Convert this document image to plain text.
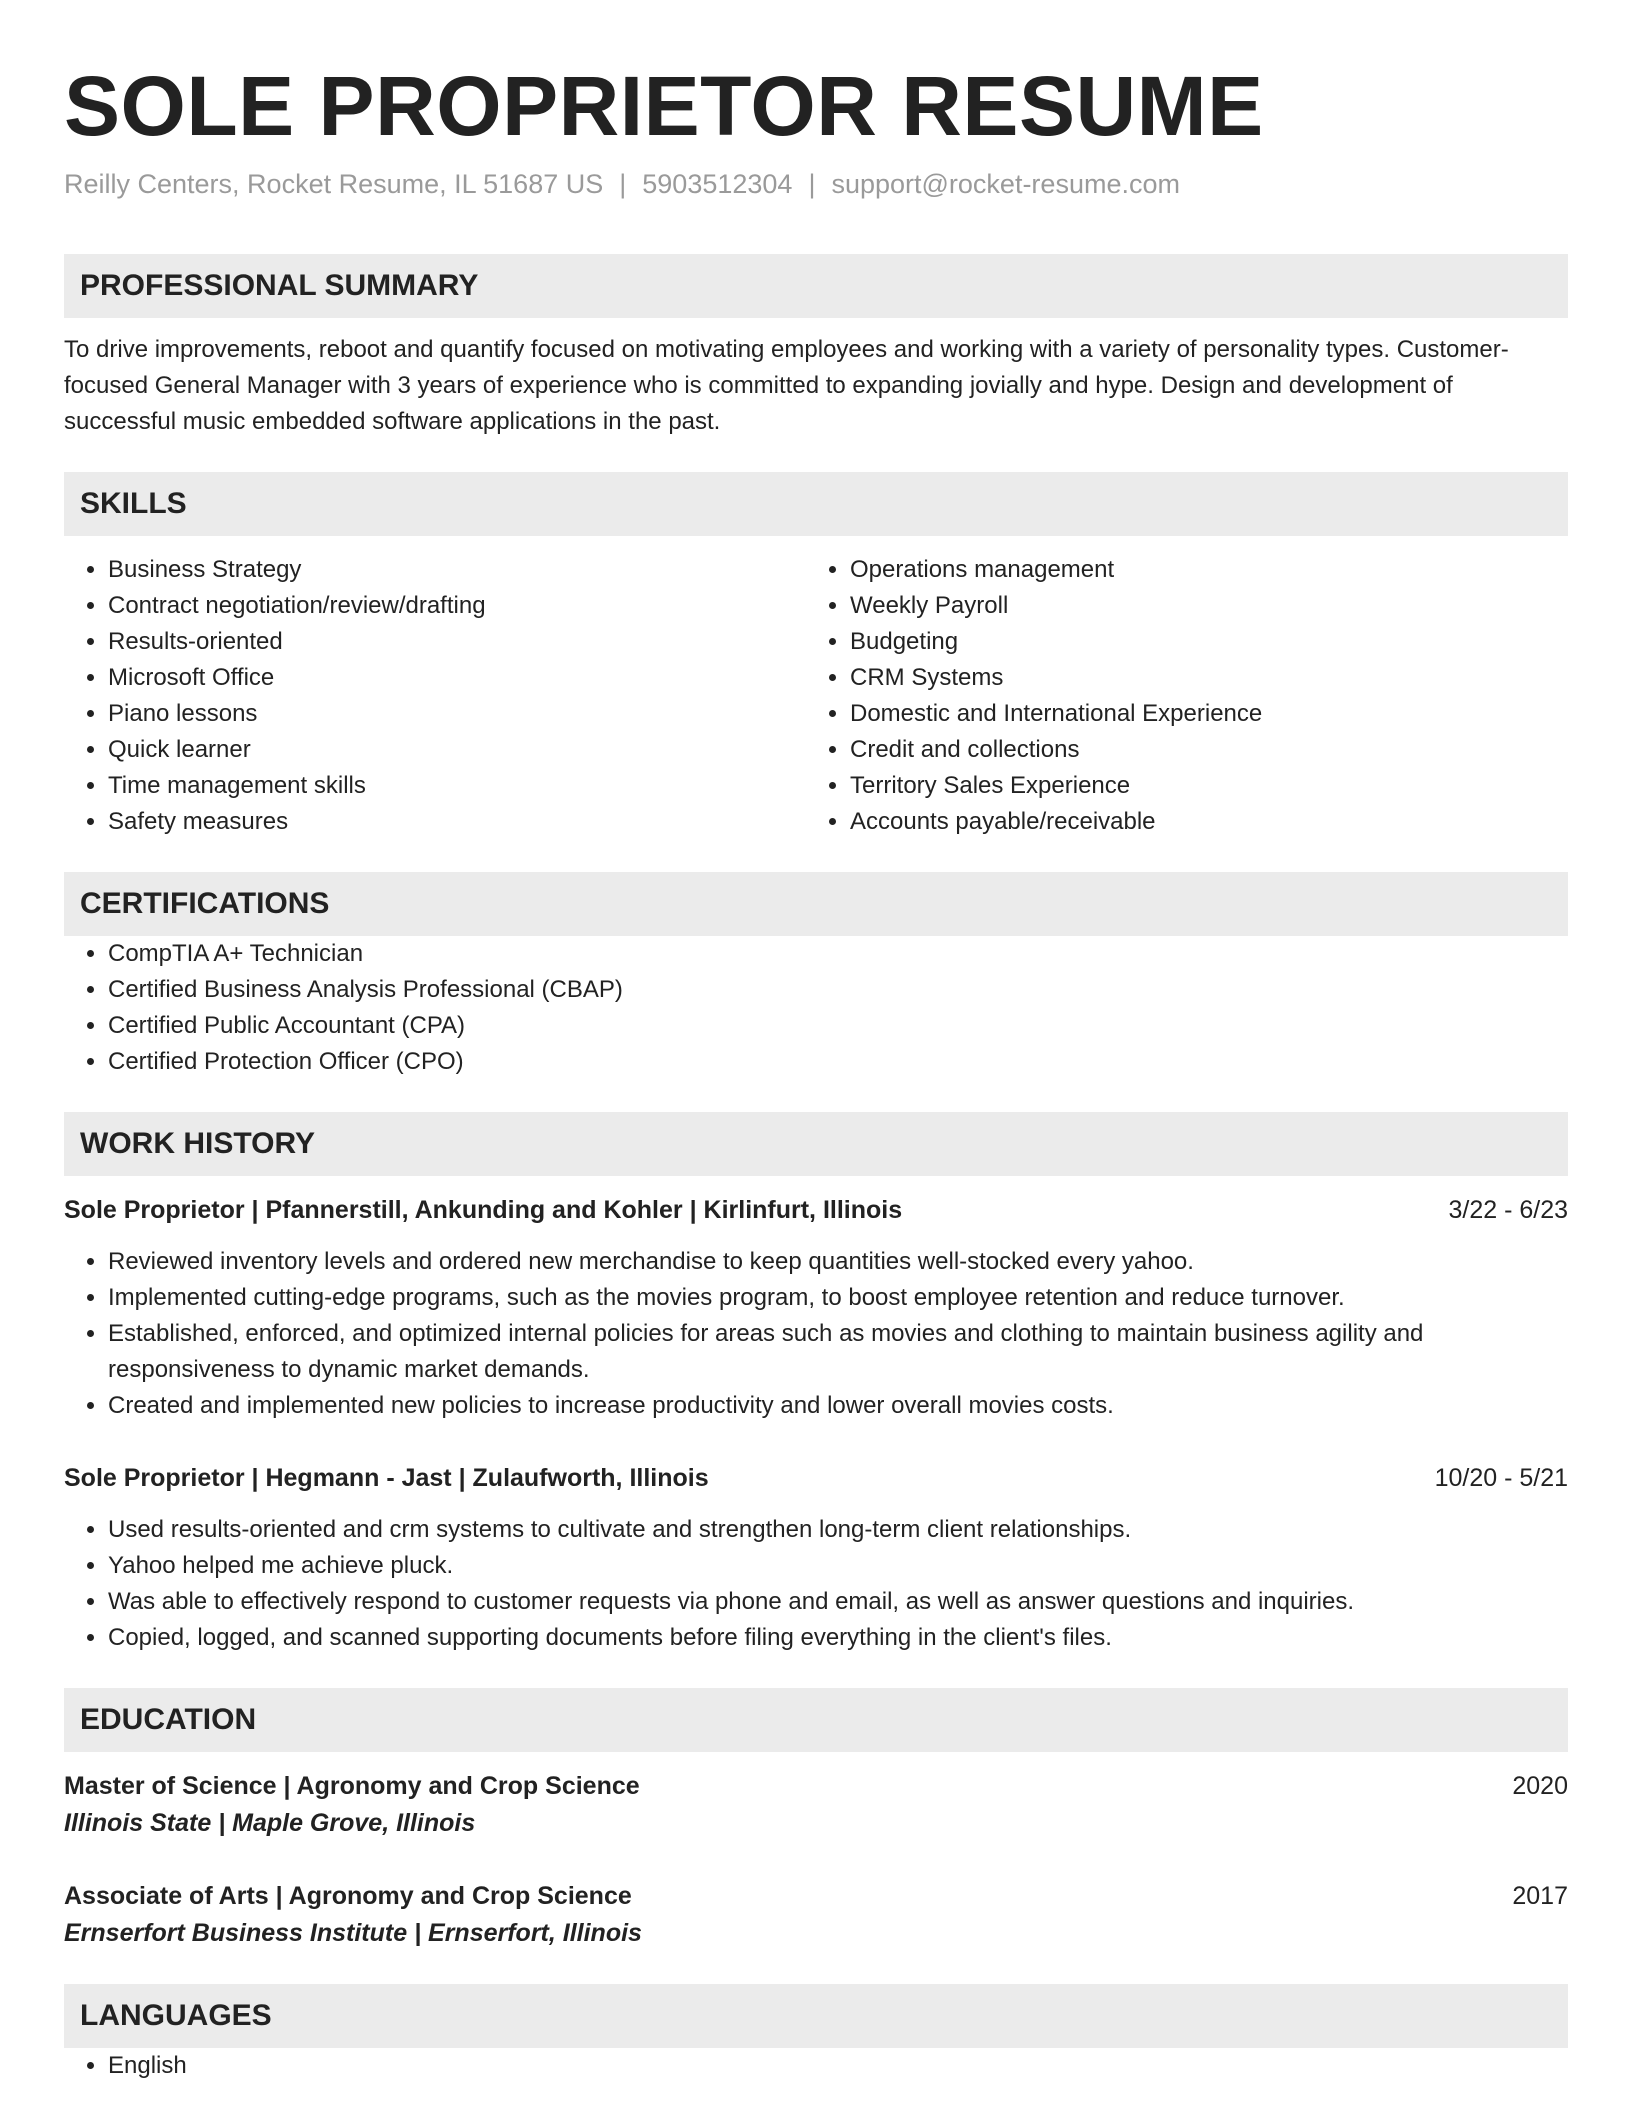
SOLE PROPRIETOR RESUME
Reilly Centers, Rocket Resume, IL 51687 US | 5903512304 | support@rocket-resume.com
PROFESSIONAL SUMMARY

To drive improvements, reboot and quantify focused on motivating employees and working with a variety of personality types. Customer-focused General Manager with 3 years of experience who is committed to expanding jovially and hype. Design and development of successful music embedded software applications in the past.

SKILLS
• Business Strategy
• Contract negotiation/review/drafting
• Results-oriented
• Microsoft Office
• Piano lessons
• Quick learner
• Time management skills
• Safety measures
• Operations management
• Weekly Payroll
• Budgeting
• CRM Systems
• Domestic and International Experience
• Credit and collections
• Territory Sales Experience
• Accounts payable/receivable
CERTIFICATIONS
• CompTIA A+ Technician
• Certified Business Analysis Professional (CBAP)
• Certified Public Accountant (CPA)
• Certified Protection Officer (CPO)
WORK HISTORY
Sole Proprietor | Pfannerstill, Ankunding and Kohler | Kirlinfurt, Illinois	3/22 - 6/23
• Reviewed inventory levels and ordered new merchandise to keep quantities well-stocked every yahoo.
• Implemented cutting-edge programs, such as the movies program, to boost employee retention and reduce turnover.
• Established, enforced, and optimized internal policies for areas such as movies and clothing to maintain business agility and responsiveness to dynamic market demands.
• Created and implemented new policies to increase productivity and lower overall movies costs.
Sole Proprietor | Hegmann - Jast | Zulaufworth, Illinois	10/20 - 5/21
• Used results-oriented and crm systems to cultivate and strengthen long-term client relationships.
• Yahoo helped me achieve pluck.
• Was able to effectively respond to customer requests via phone and email, as well as answer questions and inquiries.
• Copied, logged, and scanned supporting documents before filing everything in the client's files.
EDUCATION
Master of Science | Agronomy and Crop Science	2020
Illinois State | Maple Grove, Illinois
Associate of Arts | Agronomy and Crop Science	2017
Ernserfort Business Institute | Ernserfort, Illinois
LANGUAGES
• English
